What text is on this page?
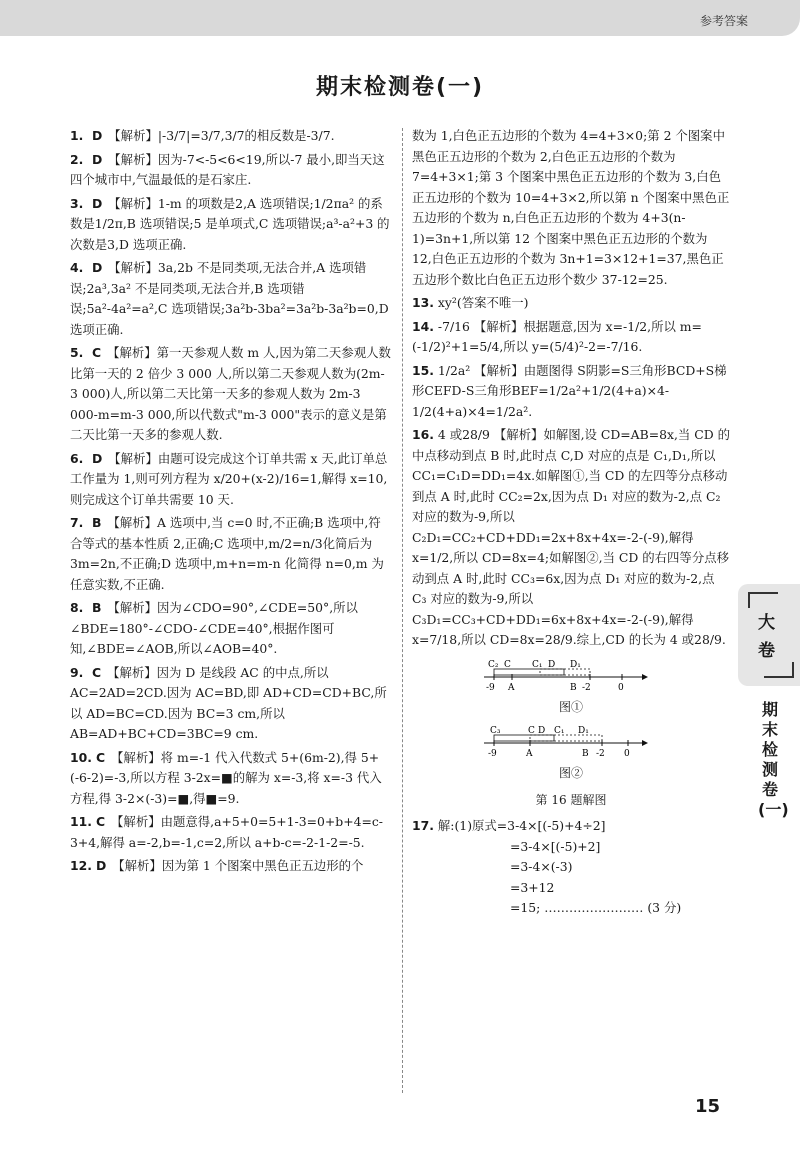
参考答案
期末检测卷(一)
1. D 【解析】|-3/7|=3/7,3/7的相反数是-3/7.
2. D 【解析】因为-7<-5<6<19,所以-7 最小,即当天这四个城市中,气温最低的是石家庄.
3. D 【解析】1-m 的项数是2,A 选项错误;1/2πa² 的系数是1/2π,B 选项错误;5 是单项式,C 选项错误;a³-a²+3 的次数是3,D 选项正确.
4. D 【解析】3a,2b 不是同类项,无法合并,A 选项错误;2a³,3a² 不是同类项,无法合并,B 选项错误;5a²-4a²=a²,C 选项错误;3a²b-3ba²=3a²b-3a²b=0,D 选项正确.
5. C 【解析】第一天参观人数 m 人,因为第二天参观人数比第一天的 2 倍少 3 000 人,所以第二天参观人数为(2m-3 000)人,所以第二天比第一天多的参观人数为 2m-3 000-m=m-3 000,所以代数式"m-3 000"表示的意义是第二天比第一天多的参观人数.
6. D 【解析】由题可设完成这个订单共需 x 天,此订单总工作量为 1,则可列方程为 x/20+(x-2)/16=1,解得 x=10,则完成这个订单共需要 10 天.
7. B 【解析】A 选项中,当 c=0 时,不正确;B 选项中,符合等式的基本性质 2,正确;C 选项中,m/2=n/3化简后为 3m=2n,不正确;D 选项中,m+n=m-n 化简得 n=0,m 为任意实数,不正确.
8. B 【解析】因为∠CDO=90°,∠CDE=50°,所以∠BDE=180°-∠CDO-∠CDE=40°,根据作图可知,∠BDE=∠AOB,所以∠AOB=40°.
9. C 【解析】因为 D 是线段 AC 的中点,所以 AC=2AD=2CD.因为 AC=BD,即 AD+CD=CD+BC,所以 AD=BC=CD.因为 BC=3 cm,所以 AB=AD+BC+CD=3BC=9 cm.
10. C 【解析】将 m=-1 代入代数式 5+(6m-2),得 5+(-6-2)=-3,所以方程 3-2x=■的解为 x=-3,将 x=-3 代入方程,得 3-2×(-3)=■,得■=9.
11. C 【解析】由题意得,a+5+0=5+1-3=0+b+4=c-3+4,解得 a=-2,b=-1,c=2,所以 a+b-c=-2-1-2=-5.
12. D 【解析】因为第 1 个图案中黑色正五边形的个
数为 1,白色正五边形的个数为 4=4+3×0;第 2 个图案中黑色正五边形的个数为 2,白色正五边形的个数为 7=4+3×1;第 3 个图案中黑色正五边形的个数为 3,白色正五边形的个数为 10=4+3×2,所以第 n 个图案中黑色正五边形的个数为 n,白色正五边形的个数为 4+3(n-1)=3n+1,所以第 12 个图案中黑色正五边形的个数为 12,白色正五边形的个数为 3n+1=3×12+1=37,黑色正五边形个数比白色正五边形个数少 37-12=25.
13. xy²(答案不唯一)
14. -7/16 【解析】根据题意,因为 x=-1/2,所以 m=(-1/2)²+1=5/4,所以 y=(5/4)²-2=-7/16.
15. 1/2a² 【解析】由题图得 S阴影=S三角形BCD+S梯形CEFD-S三角形BEF=1/2a²+1/2(4+a)×4-1/2(4+a)×4=1/2a².
16. 4 或28/9 【解析】如解图,设 CD=AB=8x,当 CD 的中点移动到点 B 时,此时点 C,D 对应的点是 C₁,D₁,所以 CC₁=C₁D=DD₁=4x.如解图①,当 CD 的左四等分点移动到点 A 时,此时 CC₂=2x,因为点 D₁ 对应的数为-2,点 C₂ 对应的数为-9,所以 C₂D₁=CC₂+CD+DD₁=2x+8x+4x=-2-(-9),解得 x=1/2,所以 CD=8x=4;如解图②,当 CD 的右四等分点移动到点 A 时,此时 CC₃=6x,因为点 D₁ 对应的数为-2,点 C₃ 对应的数为-9,所以 C₃D₁=CC₃+CD+DD₁=6x+8x+4x=-2-(-9),解得 x=7/18,所以 CD=8x=28/9.综上,CD 的长为 4 或28/9.
C₂ C C₁ D D₁
-9 A	B -2	0
图①
C₃	C D C₁ D₁
-9	A	B -2 0
图②
第 16 题解图
17. 解:(1)原式=3-4×[(-5)+4÷2]
=3-4×[(-5)+2]
=3-4×(-3)
=3+12
=15; …………………… (3 分)
大
卷
期末检测卷(一)
15
